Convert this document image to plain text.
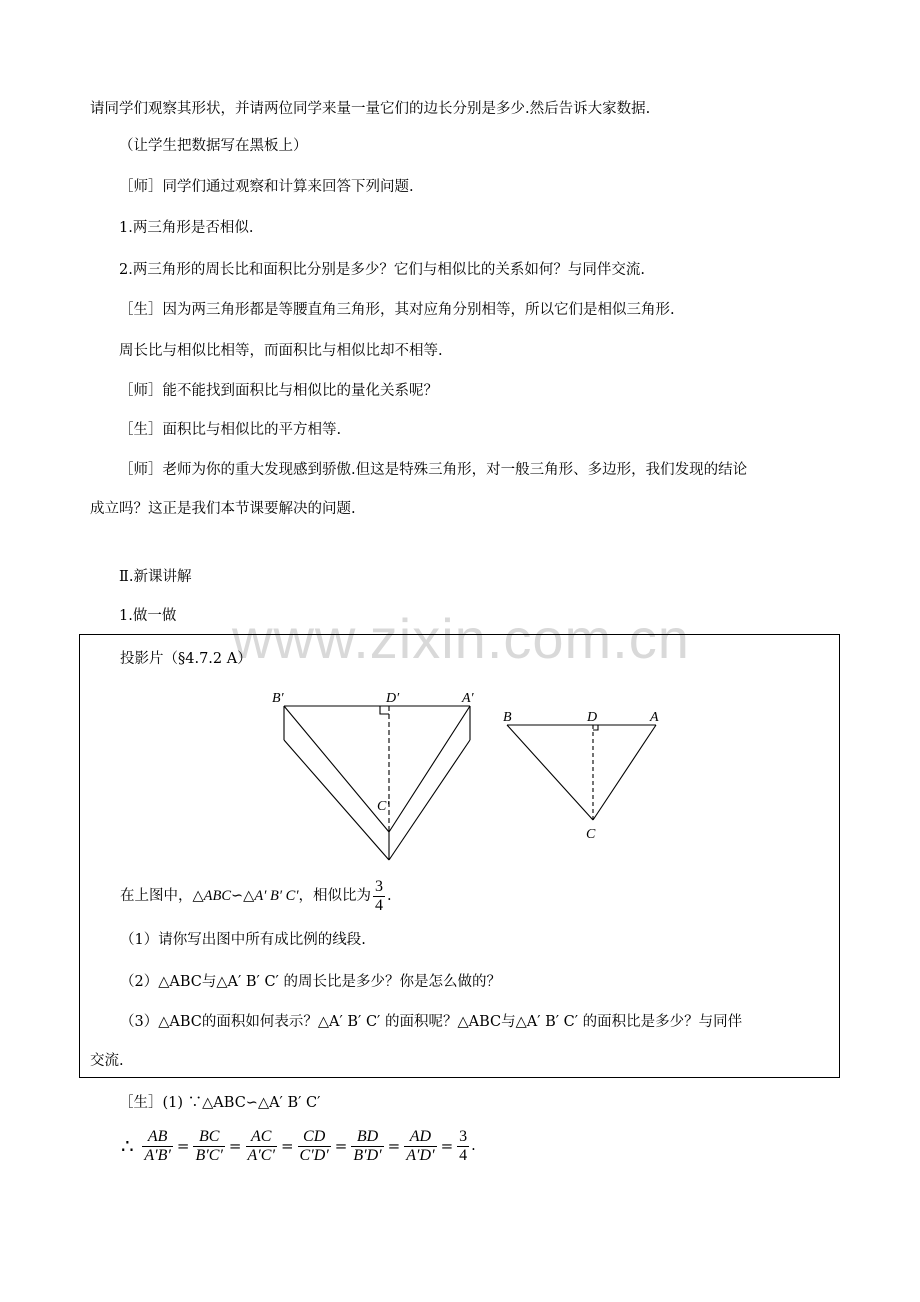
www.zixin.com.cn
请同学们观察其形状，并请两位同学来量一量它们的边长分别是多少.然后告诉大家数据.
（让学生把数据写在黑板上）
［师］同学们通过观察和计算来回答下列问题.
1.两三角形是否相似.
2.两三角形的周长比和面积比分别是多少？它们与相似比的关系如何？与同伴交流.
［生］因为两三角形都是等腰直角三角形，其对应角分别相等，所以它们是相似三角形.
周长比与相似比相等，而面积比与相似比却不相等.
［师］能不能找到面积比与相似比的量化关系呢？
［生］面积比与相似比的平方相等.
［师］老师为你的重大发现感到骄傲.但这是特殊三角形，对一般三角形、多边形，我们发现的结论
成立吗？这正是我们本节课要解决的问题.
Ⅱ.新课讲解
1.做一做
投影片（§4.7.2 A）
B′	D′	A′
C′
B	D	A
C
在上图中，△ABC∽△A′ B′ C′，相似比为 $\frac{3}{4}$ .
（1）请你写出图中所有成比例的线段.
（2）△ABC与△A′ B′ C′ 的周长比是多少？你是怎么做的？
（3）△ABC的面积如何表示？△A′ B′ C′ 的面积呢？△ABC与△A′ B′ C′ 的面积比是多少？与同伴
交流.
［生］(1) ∵△ABC∽△A′ B′ C′
∴ $\frac{AB}{A'B'} = \frac{BC}{B'C'} = \frac{AC}{A'C'} = \frac{CD}{C'D'} = \frac{BD}{B'D'} = \frac{AD}{A'D'} = \frac{3}{4}$ .
